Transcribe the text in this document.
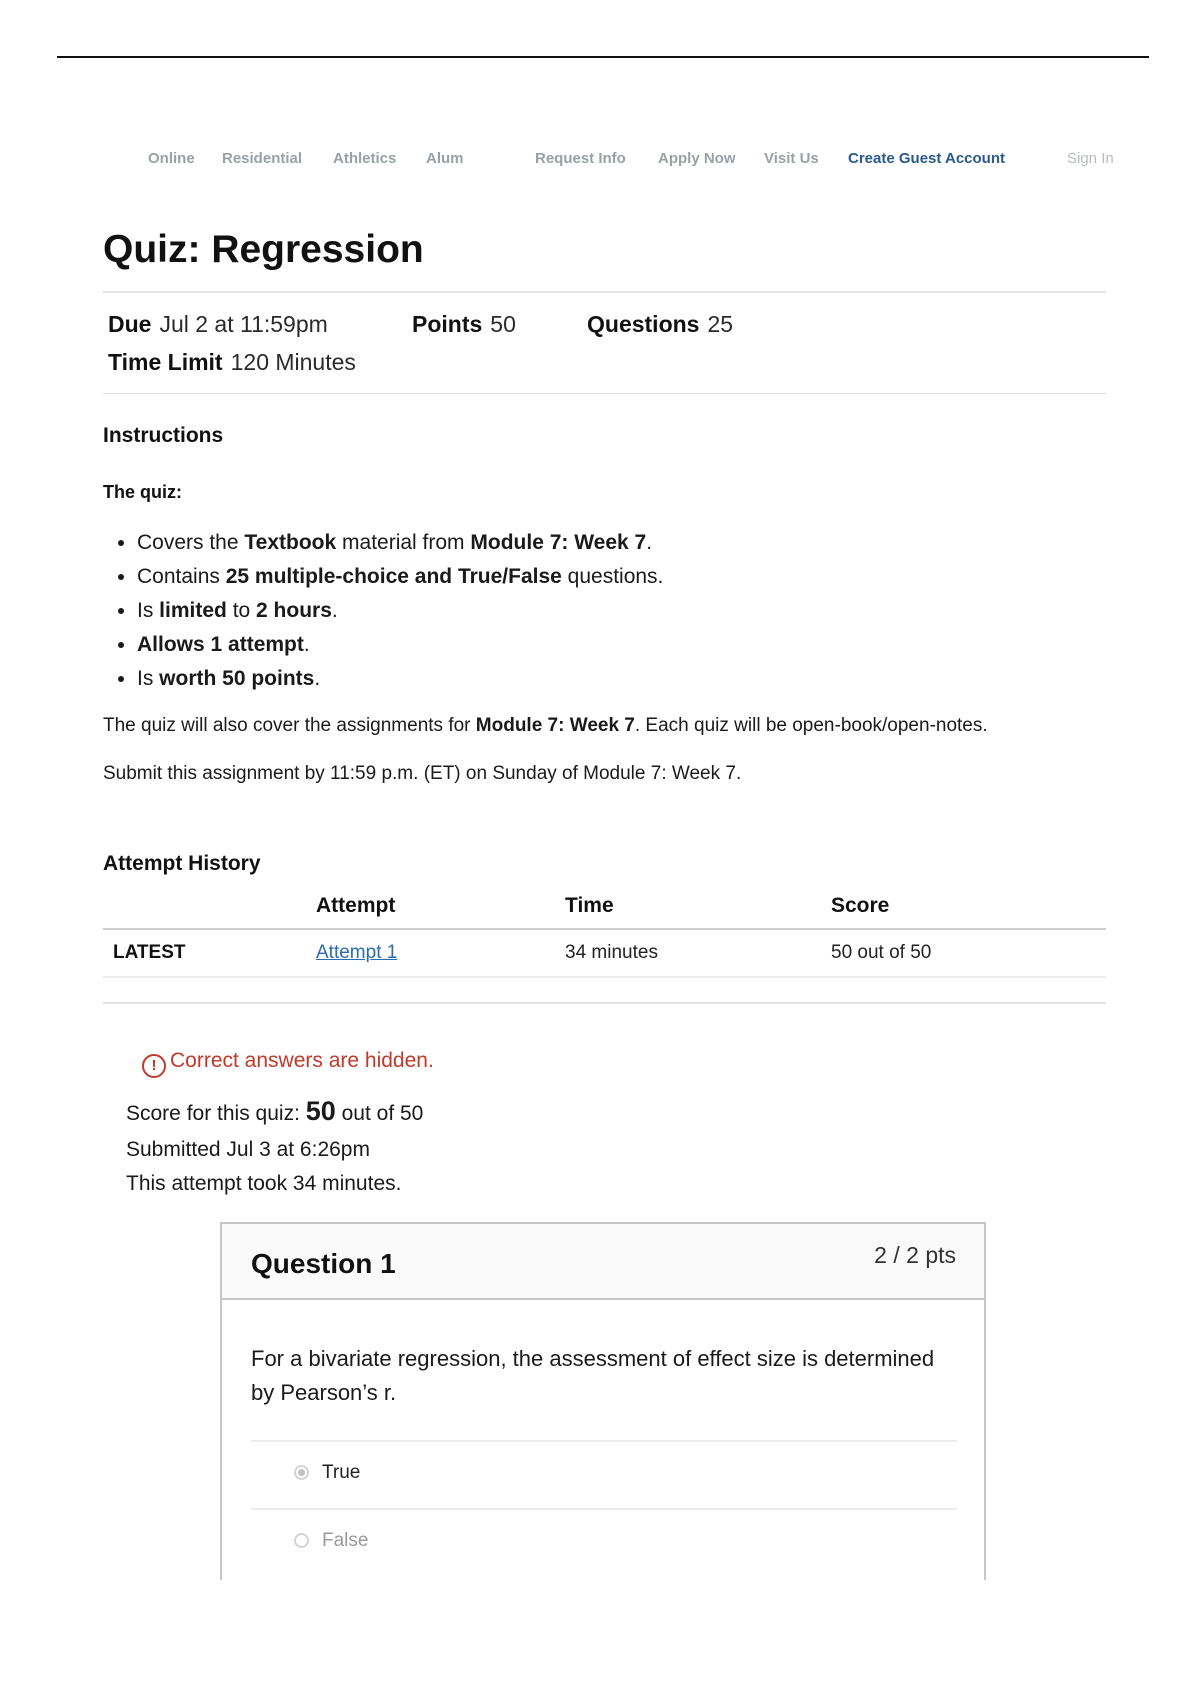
Online Residential Athletics Alum	Request Info Apply Now Visit Us Create Guest Account	Sign In
Quiz: Regression
Due Jul 2 at 11:59pm	Points 50	Questions 25
Time Limit 120 Minutes
Instructions
The quiz:
• Covers the Textbook material from Module 7: Week 7.
• Contains 25 multiple-choice and True/False questions.
• Is limited to 2 hours.
• Allows 1 attempt.
• Is worth 50 points.
The quiz will also cover the assignments for Module 7: Week 7. Each quiz will be open-book/open-notes.
Submit this assignment by 11:59 p.m. (ET) on Sunday of Module 7: Week 7.
Attempt History
	Attempt	Time	Score
LATEST	Attempt 1	34 minutes	50 out of 50
! Correct answers are hidden.
Score for this quiz: 50 out of 50
Submitted Jul 3 at 6:26pm
This attempt took 34 minutes.
Question 1	2 / 2 pts
For a bivariate regression, the assessment of effect size is determined by Pearson’s r.
True
False
